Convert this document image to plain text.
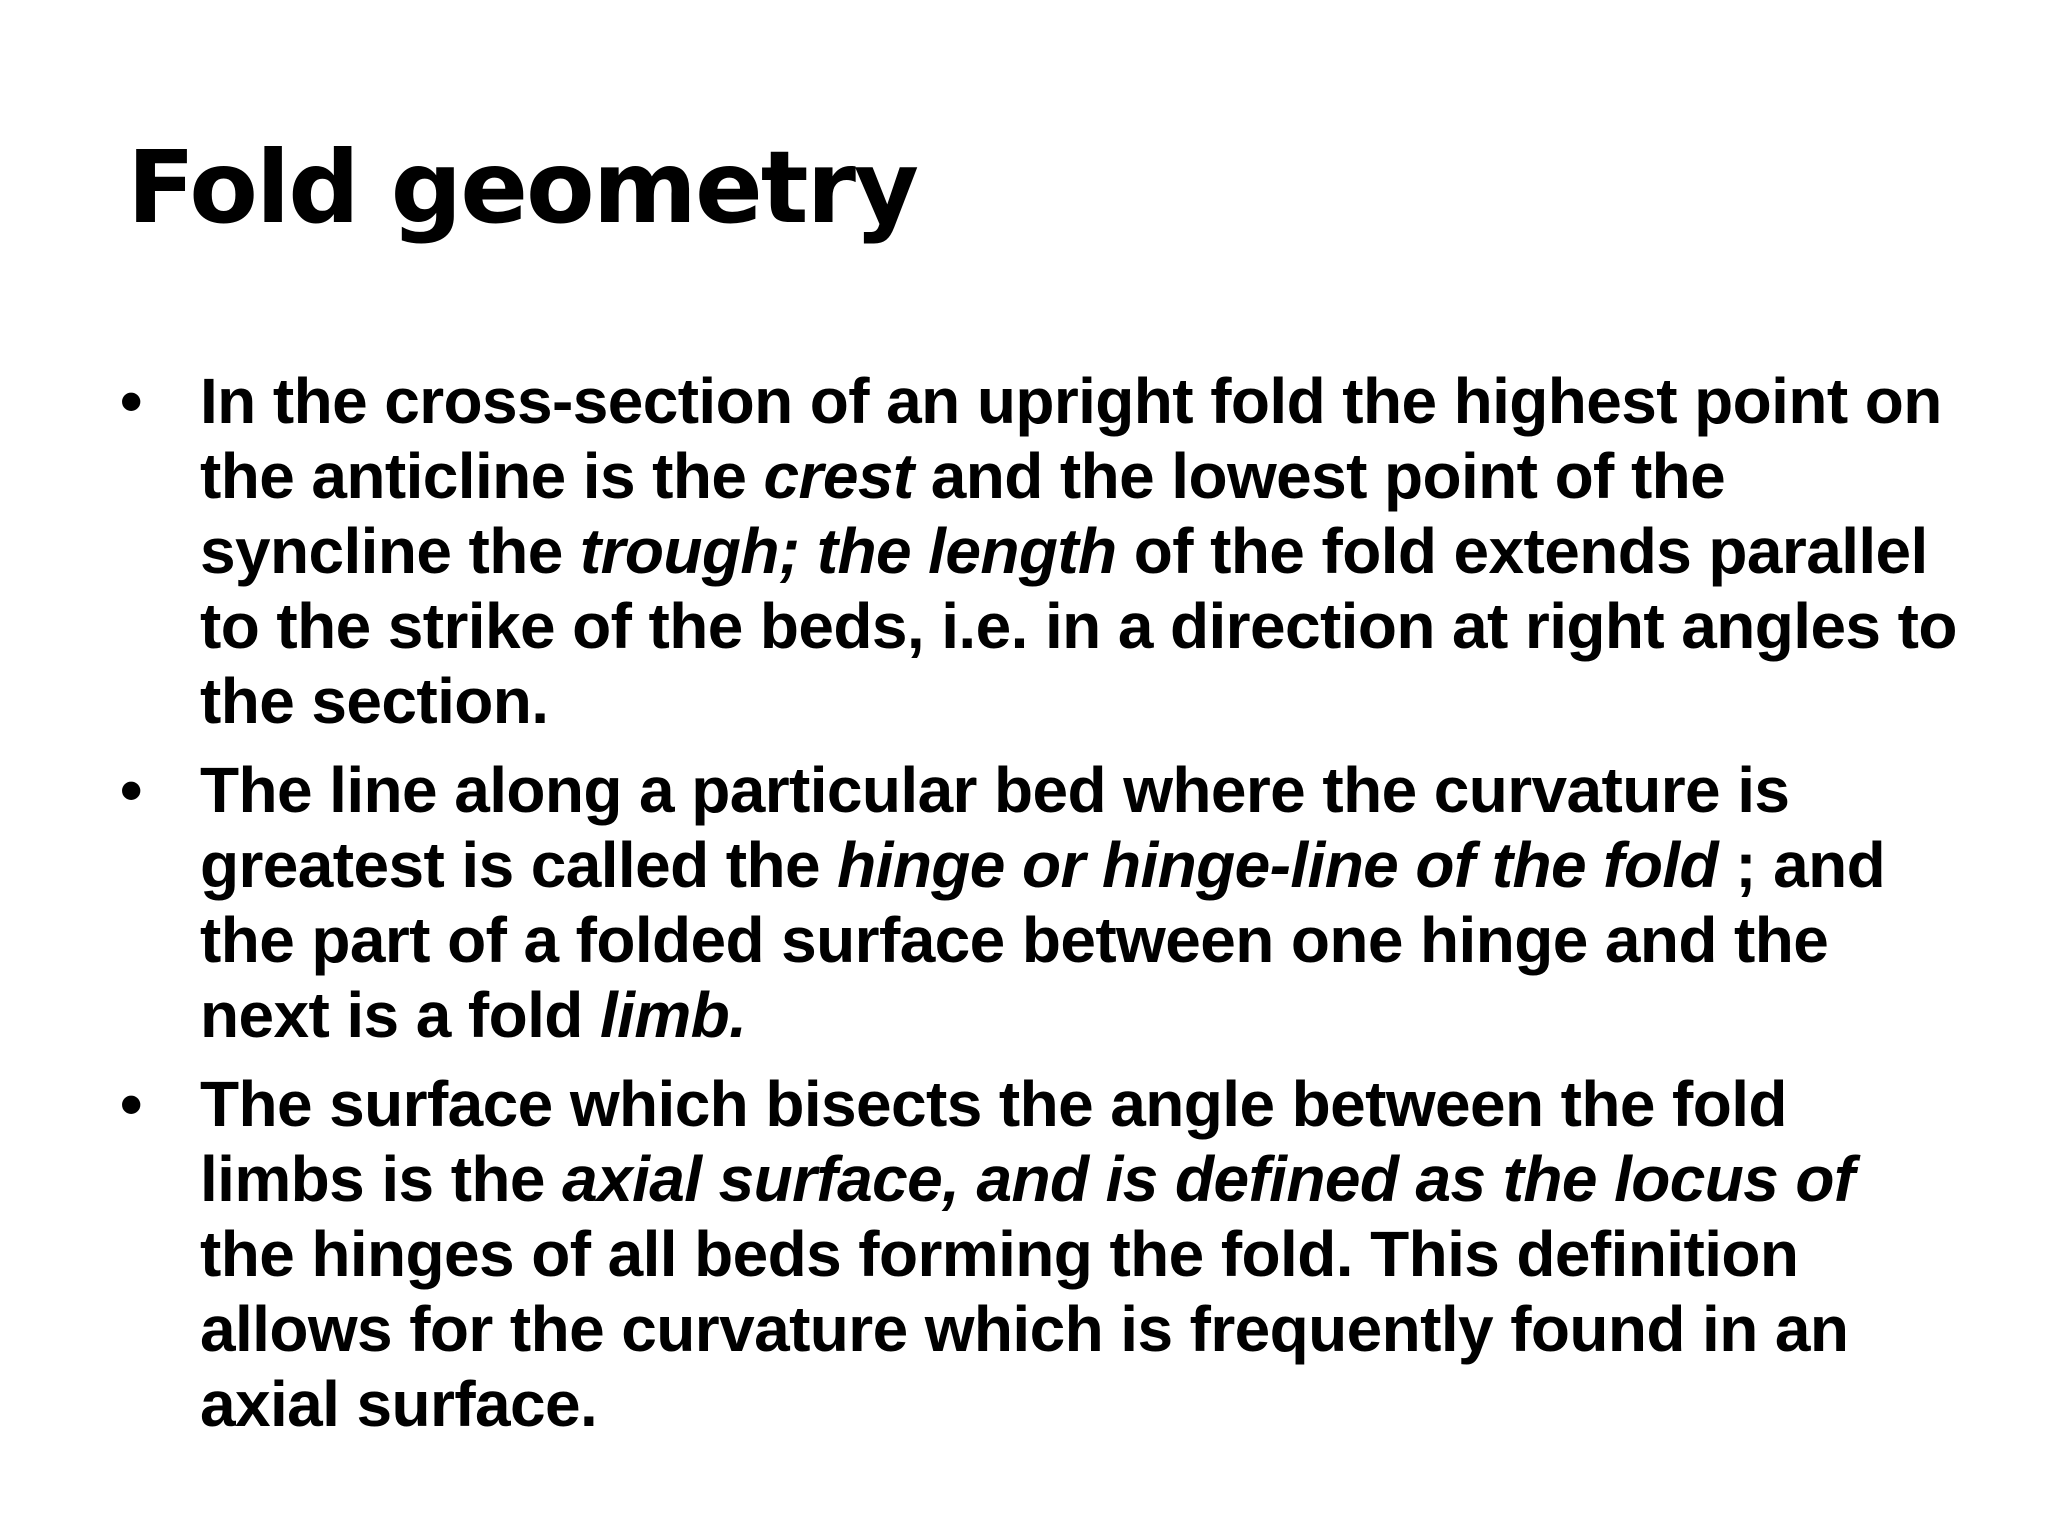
Fold geometry
• In the cross-section of an upright fold the highest point on the anticline is the crest and the lowest point of the syncline the trough; the length of the fold extends parallel to the strike of the beds, i.e. in a direction at right angles to the section.
• The line along a particular bed where the curvature is greatest is called the hinge or hinge-line of the fold ; and the part of a folded surface between one hinge and the next is a fold limb.
• The surface which bisects the angle between the fold limbs is the axial surface, and is defined as the locus of the hinges of all beds forming the fold. This definition allows for the curvature which is frequently found in an axial surface.
